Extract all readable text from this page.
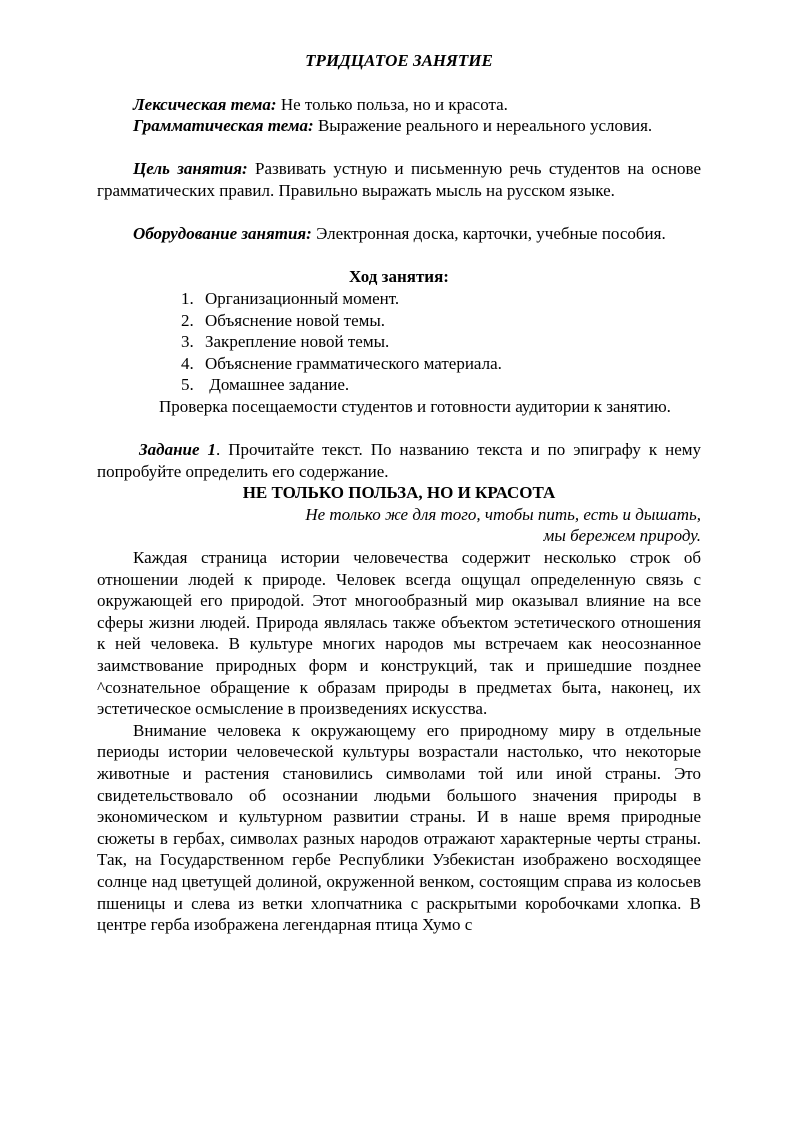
ТРИДЦАТОЕ ЗАНЯТИЕ

Лексическая тема: Не только польза, но и красота.

Грамматическая тема: Выражение реального и нереального условия.

Цель занятия: Развивать устную и письменную речь студентов на основе грамматических правил. Правильно выражать мысль на русском языке.

Оборудование занятия: Электронная доска, карточки, учебные пособия.

Ход занятия:

1. Организационный момент.
2. Объяснение новой темы.
3. Закрепление новой темы.
4. Объяснение грамматического материала.
5. Домашнее задание.

Проверка посещаемости студентов и готовности аудитории к занятию.

Задание 1. Прочитайте текст. По названию текста и по эпиграфу к нему попробуйте определить его содержание.

НЕ ТОЛЬКО ПОЛЬЗА, НО И КРАСОТА

Не только же для того, чтобы пить, есть и дышать,

мы бережем природу.

Каждая страница истории человечества содержит несколько строк об отношении людей к природе. Человек всегда ощущал определенную связь с окружающей его природой. Этот многообразный мир оказывал влияние на все сферы жизни людей. Природа являлась также объектом эстетического отношения к ней человека. В культуре многих народов мы встречаем как неосознанное заимствование природных форм и конструкций, так и пришедшие позднее ^сознательное обращение к образам природы в предметах быта, наконец, их эстетическое осмысление в произведениях искусства.

Внимание человека к окружающему его природному миру в отдельные периоды истории человеческой культуры возрастали настолько, что некоторые животные и растения становились символами той или иной страны. Это свидетельствовало об осознании людьми большого значения природы в экономическом и культурном развитии страны. И в наше время природные сюжеты в гербах, символах разных народов отражают характерные черты страны. Так, на Государственном гербе Республики Узбекистан изображено восходящее солнце над цветущей долиной, окруженной венком, состоящим справа из колосьев пшеницы и слева из ветки хлопчатника с раскрытыми коробочками хлопка. В центре герба изображена легендарная птица Хумо с
